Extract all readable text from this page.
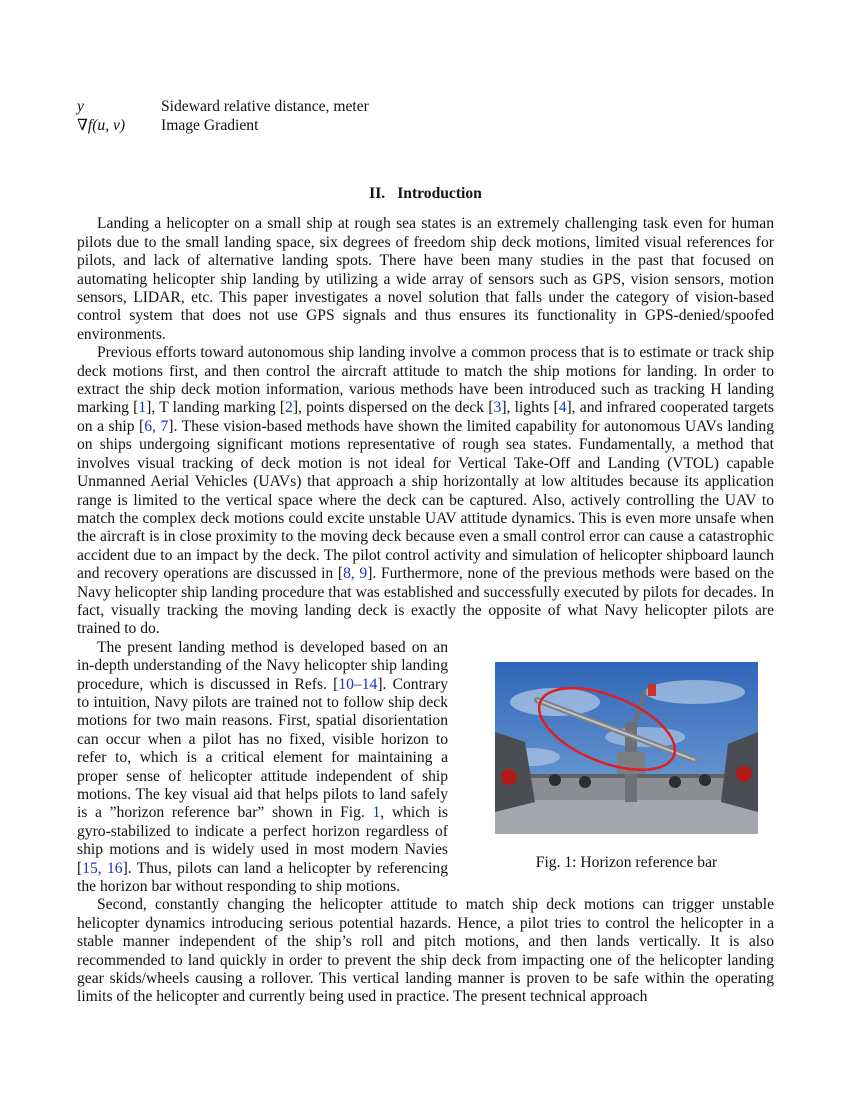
y	Sideward relative distance, meter
∇f(u, v)	Image Gradient
II. Introduction

Landing a helicopter on a small ship at rough sea states is an extremely challenging task even for human pilots due to the small landing space, six degrees of freedom ship deck motions, limited visual references for pilots, and lack of alternative landing spots. There have been many studies in the past that focused on automating helicopter ship landing by utilizing a wide array of sensors such as GPS, vision sensors, motion sensors, LIDAR, etc. This paper investigates a novel solution that falls under the category of vision-based control system that does not use GPS signals and thus ensures its functionality in GPS-denied/spoofed environments.

Previous efforts toward autonomous ship landing involve a common process that is to estimate or track ship deck motions first, and then control the aircraft attitude to match the ship motions for landing. In order to extract the ship deck motion information, various methods have been introduced such as tracking H landing marking [1], T landing marking [2], points dispersed on the deck [3], lights [4], and infrared cooperated targets on a ship [6, 7]. These vision-based methods have shown the limited capability for autonomous UAVs landing on ships undergoing significant motions representative of rough sea states. Fundamentally, a method that involves visual tracking of deck motion is not ideal for Vertical Take-Off and Landing (VTOL) capable Unmanned Aerial Vehicles (UAVs) that approach a ship horizontally at low altitudes because its application range is limited to the vertical space where the deck can be captured. Also, actively controlling the UAV to match the complex deck motions could excite unstable UAV attitude dynamics. This is even more unsafe when the aircraft is in close proximity to the moving deck because even a small control error can cause a catastrophic accident due to an impact by the deck. The pilot control activity and simulation of helicopter shipboard launch and recovery operations are discussed in [8, 9]. Furthermore, none of the previous methods were based on the Navy helicopter ship landing procedure that was established and successfully executed by pilots for decades. In fact, visually tracking the moving landing deck is exactly the opposite of what Navy helicopter pilots are trained to do.

The present landing method is developed based on an in-depth understanding of the Navy helicopter ship landing procedure, which is discussed in Refs. [10–14]. Contrary to intuition, Navy pilots are trained not to follow ship deck motions for two main reasons. First, spatial disorientation can occur when a pilot has no fixed, visible horizon to refer to, which is a critical element for maintaining a proper sense of helicopter attitude independent of ship motions. The key visual aid that helps pilots to land safely is a ”horizon reference bar” shown in Fig. 1, which is gyro-stabilized to indicate a perfect horizon regardless of ship motions and is widely used in most modern Navies [15, 16]. Thus, pilots can land a helicopter by referencing the horizon bar without responding to ship motions.

Fig. 1: Horizon reference bar

Second, constantly changing the helicopter attitude to match ship deck motions can trigger unstable helicopter dynamics introducing serious potential hazards. Hence, a pilot tries to control the helicopter in a stable manner independent of the ship’s roll and pitch motions, and then lands vertically. It is also recommended to land quickly in order to prevent the ship deck from impacting one of the helicopter landing gear skids/wheels causing a rollover. This vertical landing manner is proven to be safe within the operating limits of the helicopter and currently being used in practice. The present technical approach
